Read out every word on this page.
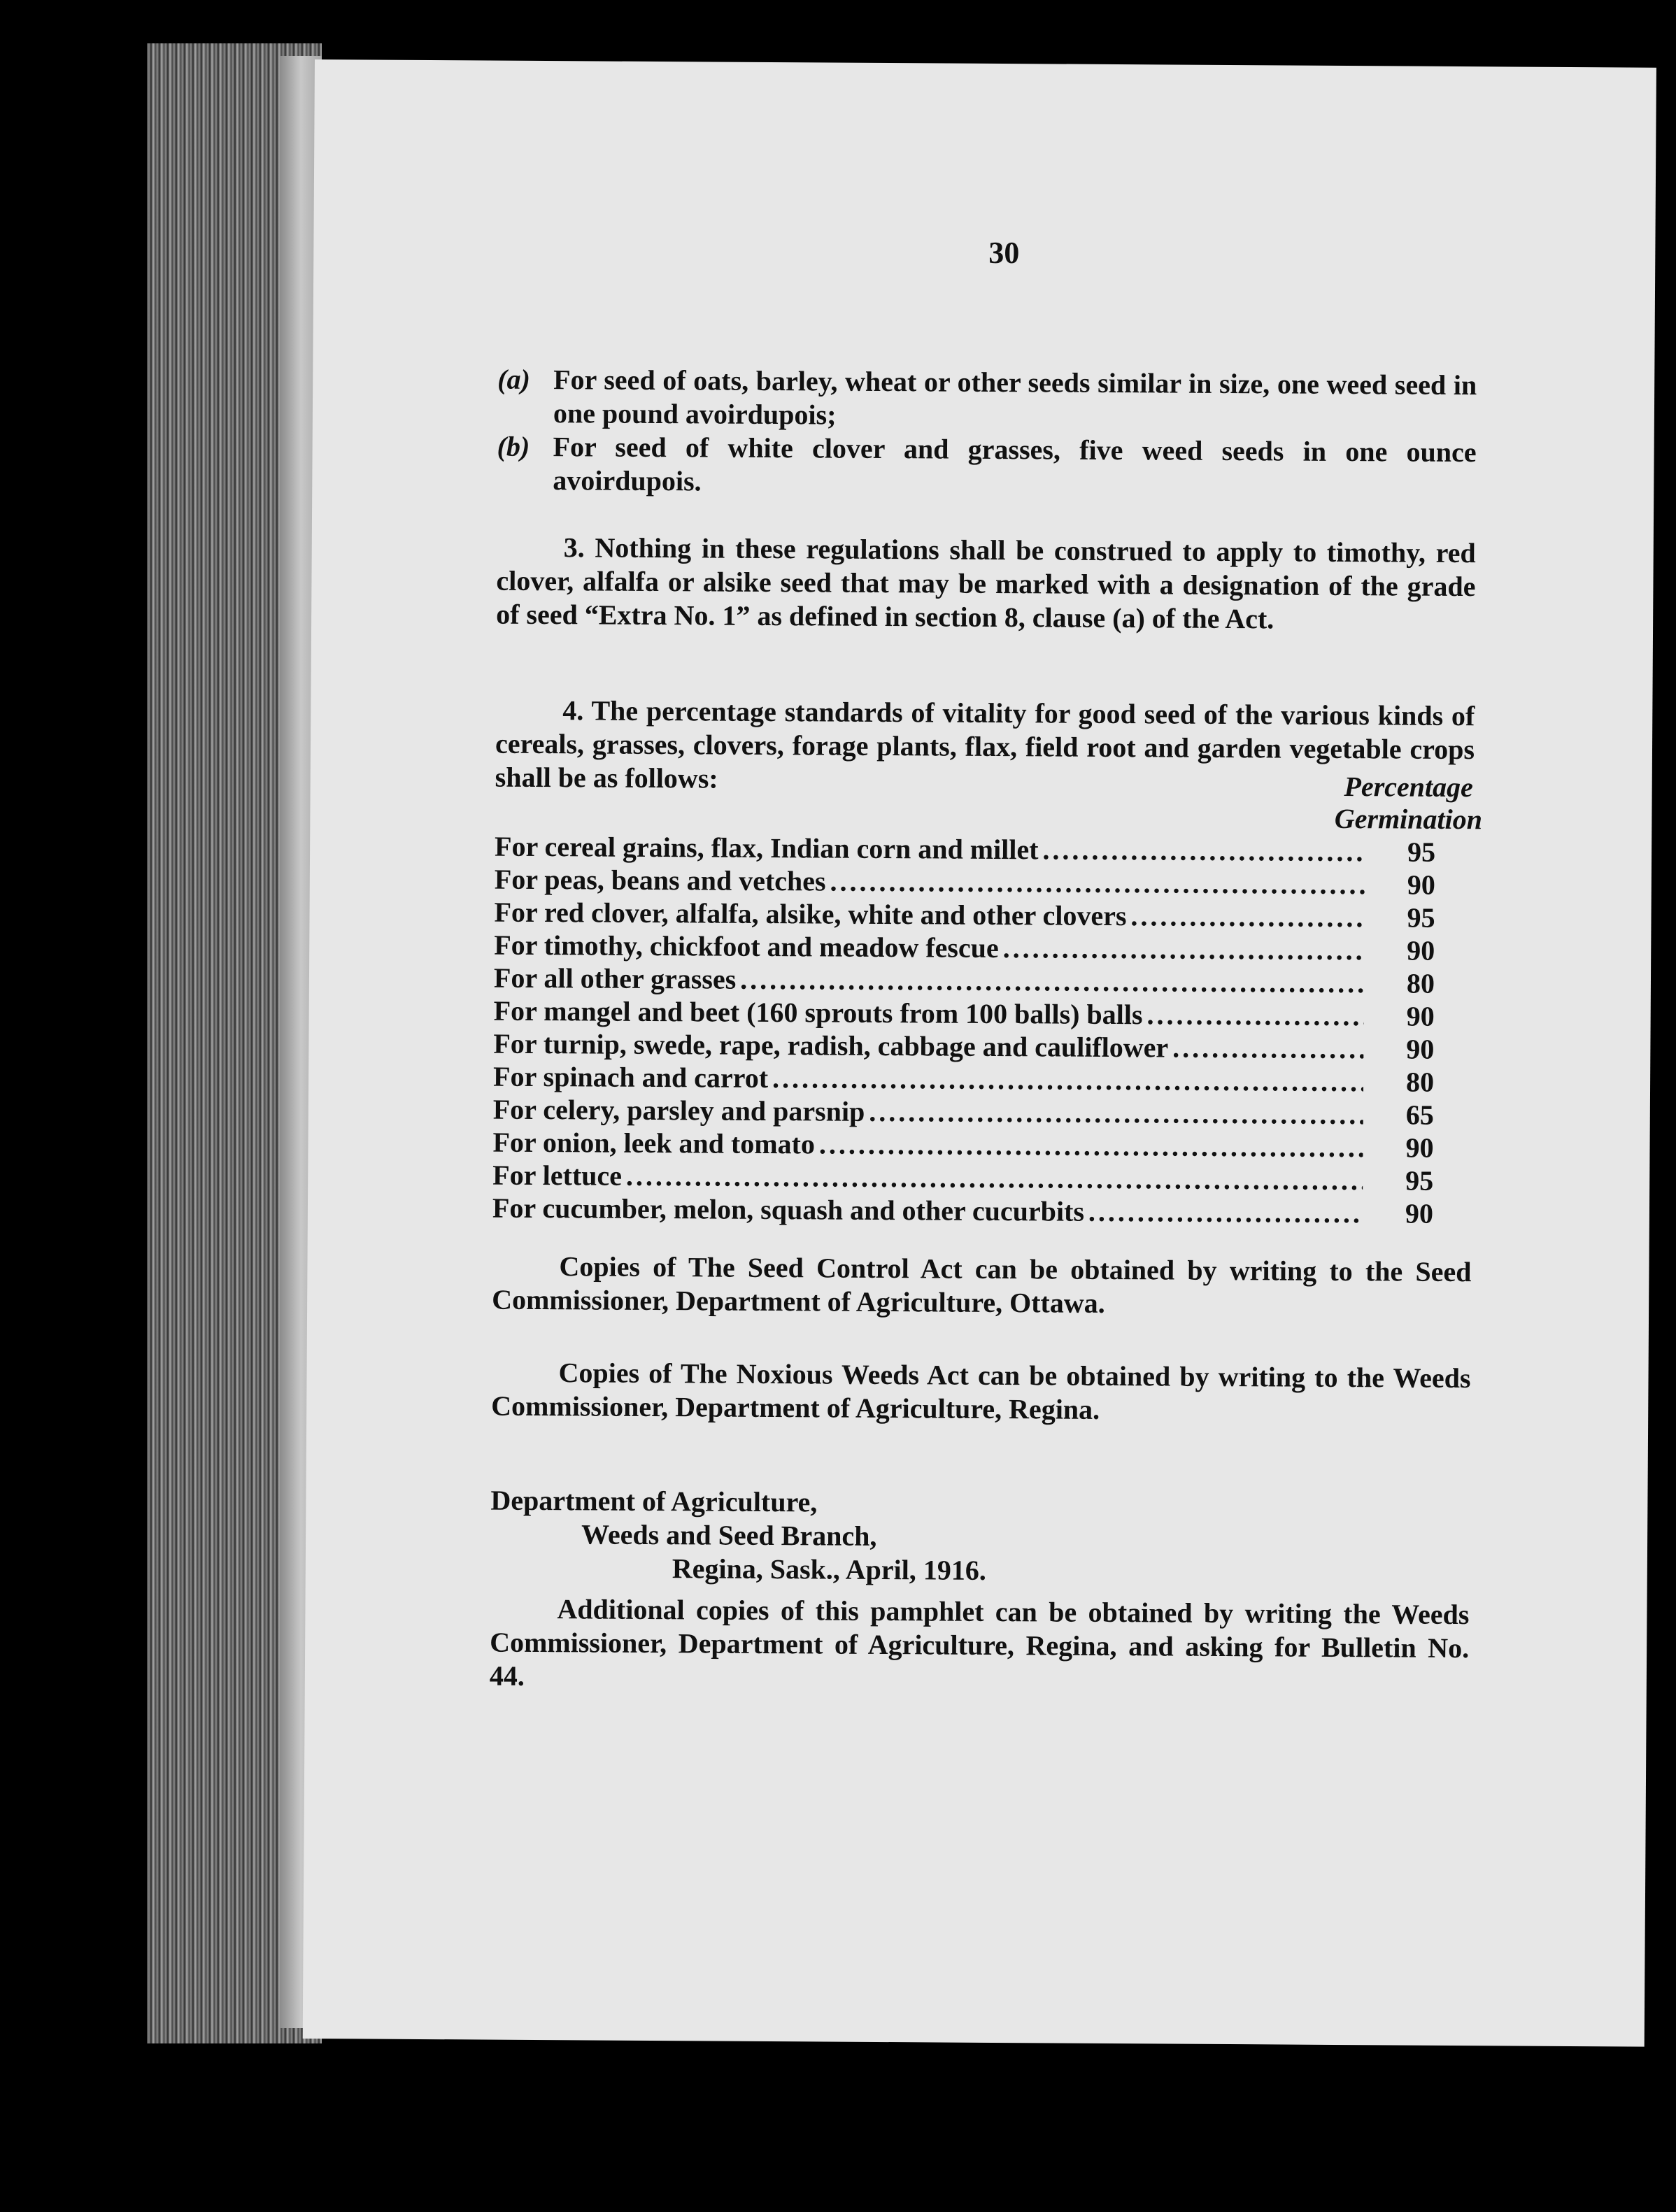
30
(a) For seed of oats, barley, wheat or other seeds similar in size, one weed seed in one pound avoirdupois;
(b) For seed of white clover and grasses, five weed seeds in one ounce avoirdupois.

3. Nothing in these regulations shall be construed to apply to timothy, red clover, alfalfa or alsike seed that may be marked with a designation of the grade of seed “Extra No. 1” as defined in section 8, clause (a) of the Act.

4. The percentage standards of vitality for good seed of the various kinds of cereals, grasses, clovers, forage plants, flax, field root and garden vegetable crops shall be as follows:	Percentage
Germination
For cereal grains, flax, Indian corn and millet .....	95
For peas, beans and vetches .....	90
For red clover, alfalfa, alsike, white and other clovers .....	95
For timothy, chickfoot and meadow fescue .....	90
For all other grasses .....	80
For mangel and beet (160 sprouts from 100 balls) balls .....	90
For turnip, swede, rape, radish, cabbage and cauliflower .....	90
For spinach and carrot .....	80
For celery, parsley and parsnip .....	65
For onion, leek and tomato .....	90
For lettuce .....	95
For cucumber, melon, squash and other cucurbits .....	90

Copies of The Seed Control Act can be obtained by writing to the Seed Commissioner, Department of Agriculture, Ottawa.

Copies of The Noxious Weeds Act can be obtained by writing to the Weeds Commissioner, Department of Agriculture, Regina.

Department of Agriculture,
Weeds and Seed Branch,
Regina, Sask., April, 1916.

Additional copies of this pamphlet can be obtained by writing the Weeds Commissioner, Department of Agriculture, Regina, and asking for Bulletin No. 44.
